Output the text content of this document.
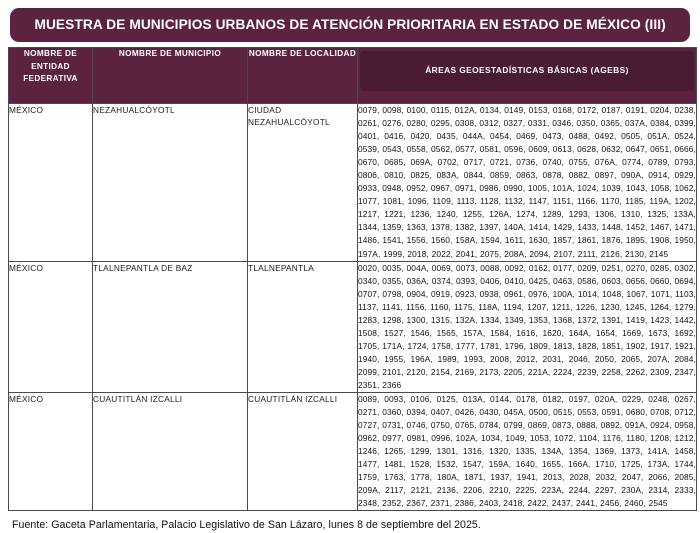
MUESTRA DE MUNICIPIOS URBANOS DE ATENCIÓN PRIORITARIA EN ESTADO DE MÉXICO (III)
NOMBRE DE ENTIDAD FEDERATIVA	NOMBRE DE MUNICIPIO	NOMBRE DE LOCALIDAD	ÁREAS GEOESTADÍSTICAS BÁSICAS (AGEBS)

MÉXICO	NEZAHUALCÓYOTL	CIUDAD NEZAHUALCÓYOTL	0079, 0098, 0100, 0115, 012A, 0134, 0149, 0153, 0168, 0172, 0187, 0191, 0204, 0238, 0261, 0276, 0280, 0295, 0308, 0312, 0327, 0331, 0346, 0350, 0365, 037A, 0384, 0399, 0401, 0416, 0420, 0435, 044A, 0454, 0469, 0473, 0488, 0492, 0505, 051A, 0524, 0539, 0543, 0558, 0562, 0577, 0581, 0596, 0609, 0613, 0628, 0632, 0647, 0651, 0666, 0670, 0685, 069A, 0702, 0717, 0721, 0736, 0740, 0755, 076A, 0774, 0789, 0793, 0806, 0810, 0825, 083A, 0844, 0859, 0863, 0878, 0882, 0897, 090A, 0914, 0929, 0933, 0948, 0952, 0967, 0971, 0986, 0990, 1005, 101A, 1024, 1039, 1043, 1058, 1062, 1077, 1081, 1096, 1109, 1113, 1128, 1132, 1147, 1151, 1166, 1170, 1185, 119A, 1202, 1217, 1221, 1236, 1240, 1255, 126A, 1274, 1289, 1293, 1306, 1310, 1325, 133A, 1344, 1359, 1363, 1378, 1382, 1397, 140A, 1414, 1429, 1433, 1448, 1452, 1467, 1471, 1486, 1541, 1556, 1560, 158A, 1594, 1611, 1630, 1857, 1861, 1876, 1895, 1908, 1950, 197A, 1999, 2018, 2022, 2041, 2075, 208A, 2094, 2107, 2111, 2126, 2130, 2145
MÉXICO	TLALNEPANTLA DE BAZ	TLALNEPANTLA	0020, 0035, 004A, 0069, 0073, 0088, 0092, 0162, 0177, 0209, 0251, 0270, 0285, 0302, 0340, 0355, 036A, 0374, 0393, 0406, 0410, 0425, 0463, 0586, 0603, 0656, 0660, 0694, 0707, 0798, 0904, 0919, 0923, 0938, 0961, 0976, 100A, 1014, 1048, 1067, 1071, 1103, 1137, 1141, 1156, 1160, 1175, 118A, 1194, 1207, 1211, 1226, 1230, 1245, 1264, 1279, 1283, 1298, 1300, 1315, 132A, 1334, 1349, 1353, 1368, 1372, 1391, 1419, 1423, 1442, 1508, 1527, 1546, 1565, 157A, 1584, 1616, 1620, 164A, 1654, 1669, 1673, 1692, 1705, 171A, 1724, 1758, 1777, 1781, 1796, 1809, 1813, 1828, 1851, 1902, 1917, 1921, 1940, 1955, 196A, 1989, 1993, 2008, 2012, 2031, 2046, 2050, 2065, 207A, 2084, 2099, 2101, 2120, 2154, 2169, 2173, 2205, 221A, 2224, 2239, 2258, 2262, 2309, 2347, 2351, 2366
MÉXICO	CUAUTITLÁN IZCALLI	CUAUTITLÁN IZCALLI	0089, 0093, 0106, 0125, 013A, 0144, 0178, 0182, 0197, 020A, 0229, 0248, 0267, 0271, 0360, 0394, 0407, 0426, 0430, 045A, 0500, 0515, 0553, 0591, 0680, 0708, 0712, 0727, 0731, 0746, 0750, 0765, 0784, 0799, 0869, 0873, 0888, 0892, 091A, 0924, 0958, 0962, 0977, 0981, 0996, 102A, 1034, 1049, 1053, 1072, 1104, 1176, 1180, 1208, 1212, 1246, 1265, 1299, 1301, 1316, 1320, 1335, 134A, 1354, 1369, 1373, 141A, 1458, 1477, 1481, 1528, 1532, 1547, 159A, 1640, 1655, 166A, 1710, 1725, 173A, 1744, 1759, 1763, 1778, 180A, 1871, 1937, 1941, 2013, 2028, 2032, 2047, 2066, 2085, 209A, 2117, 2121, 2136, 2206, 2210, 2225, 223A, 2244, 2297, 230A, 2314, 2333, 2348, 2352, 2367, 2371, 2386, 2403, 2418, 2422, 2437, 2441, 2456, 2460, 2545
Fuente: Gaceta Parlamentaria, Palacio Legislativo de San Lázaro, lunes 8 de septiembre del 2025.
